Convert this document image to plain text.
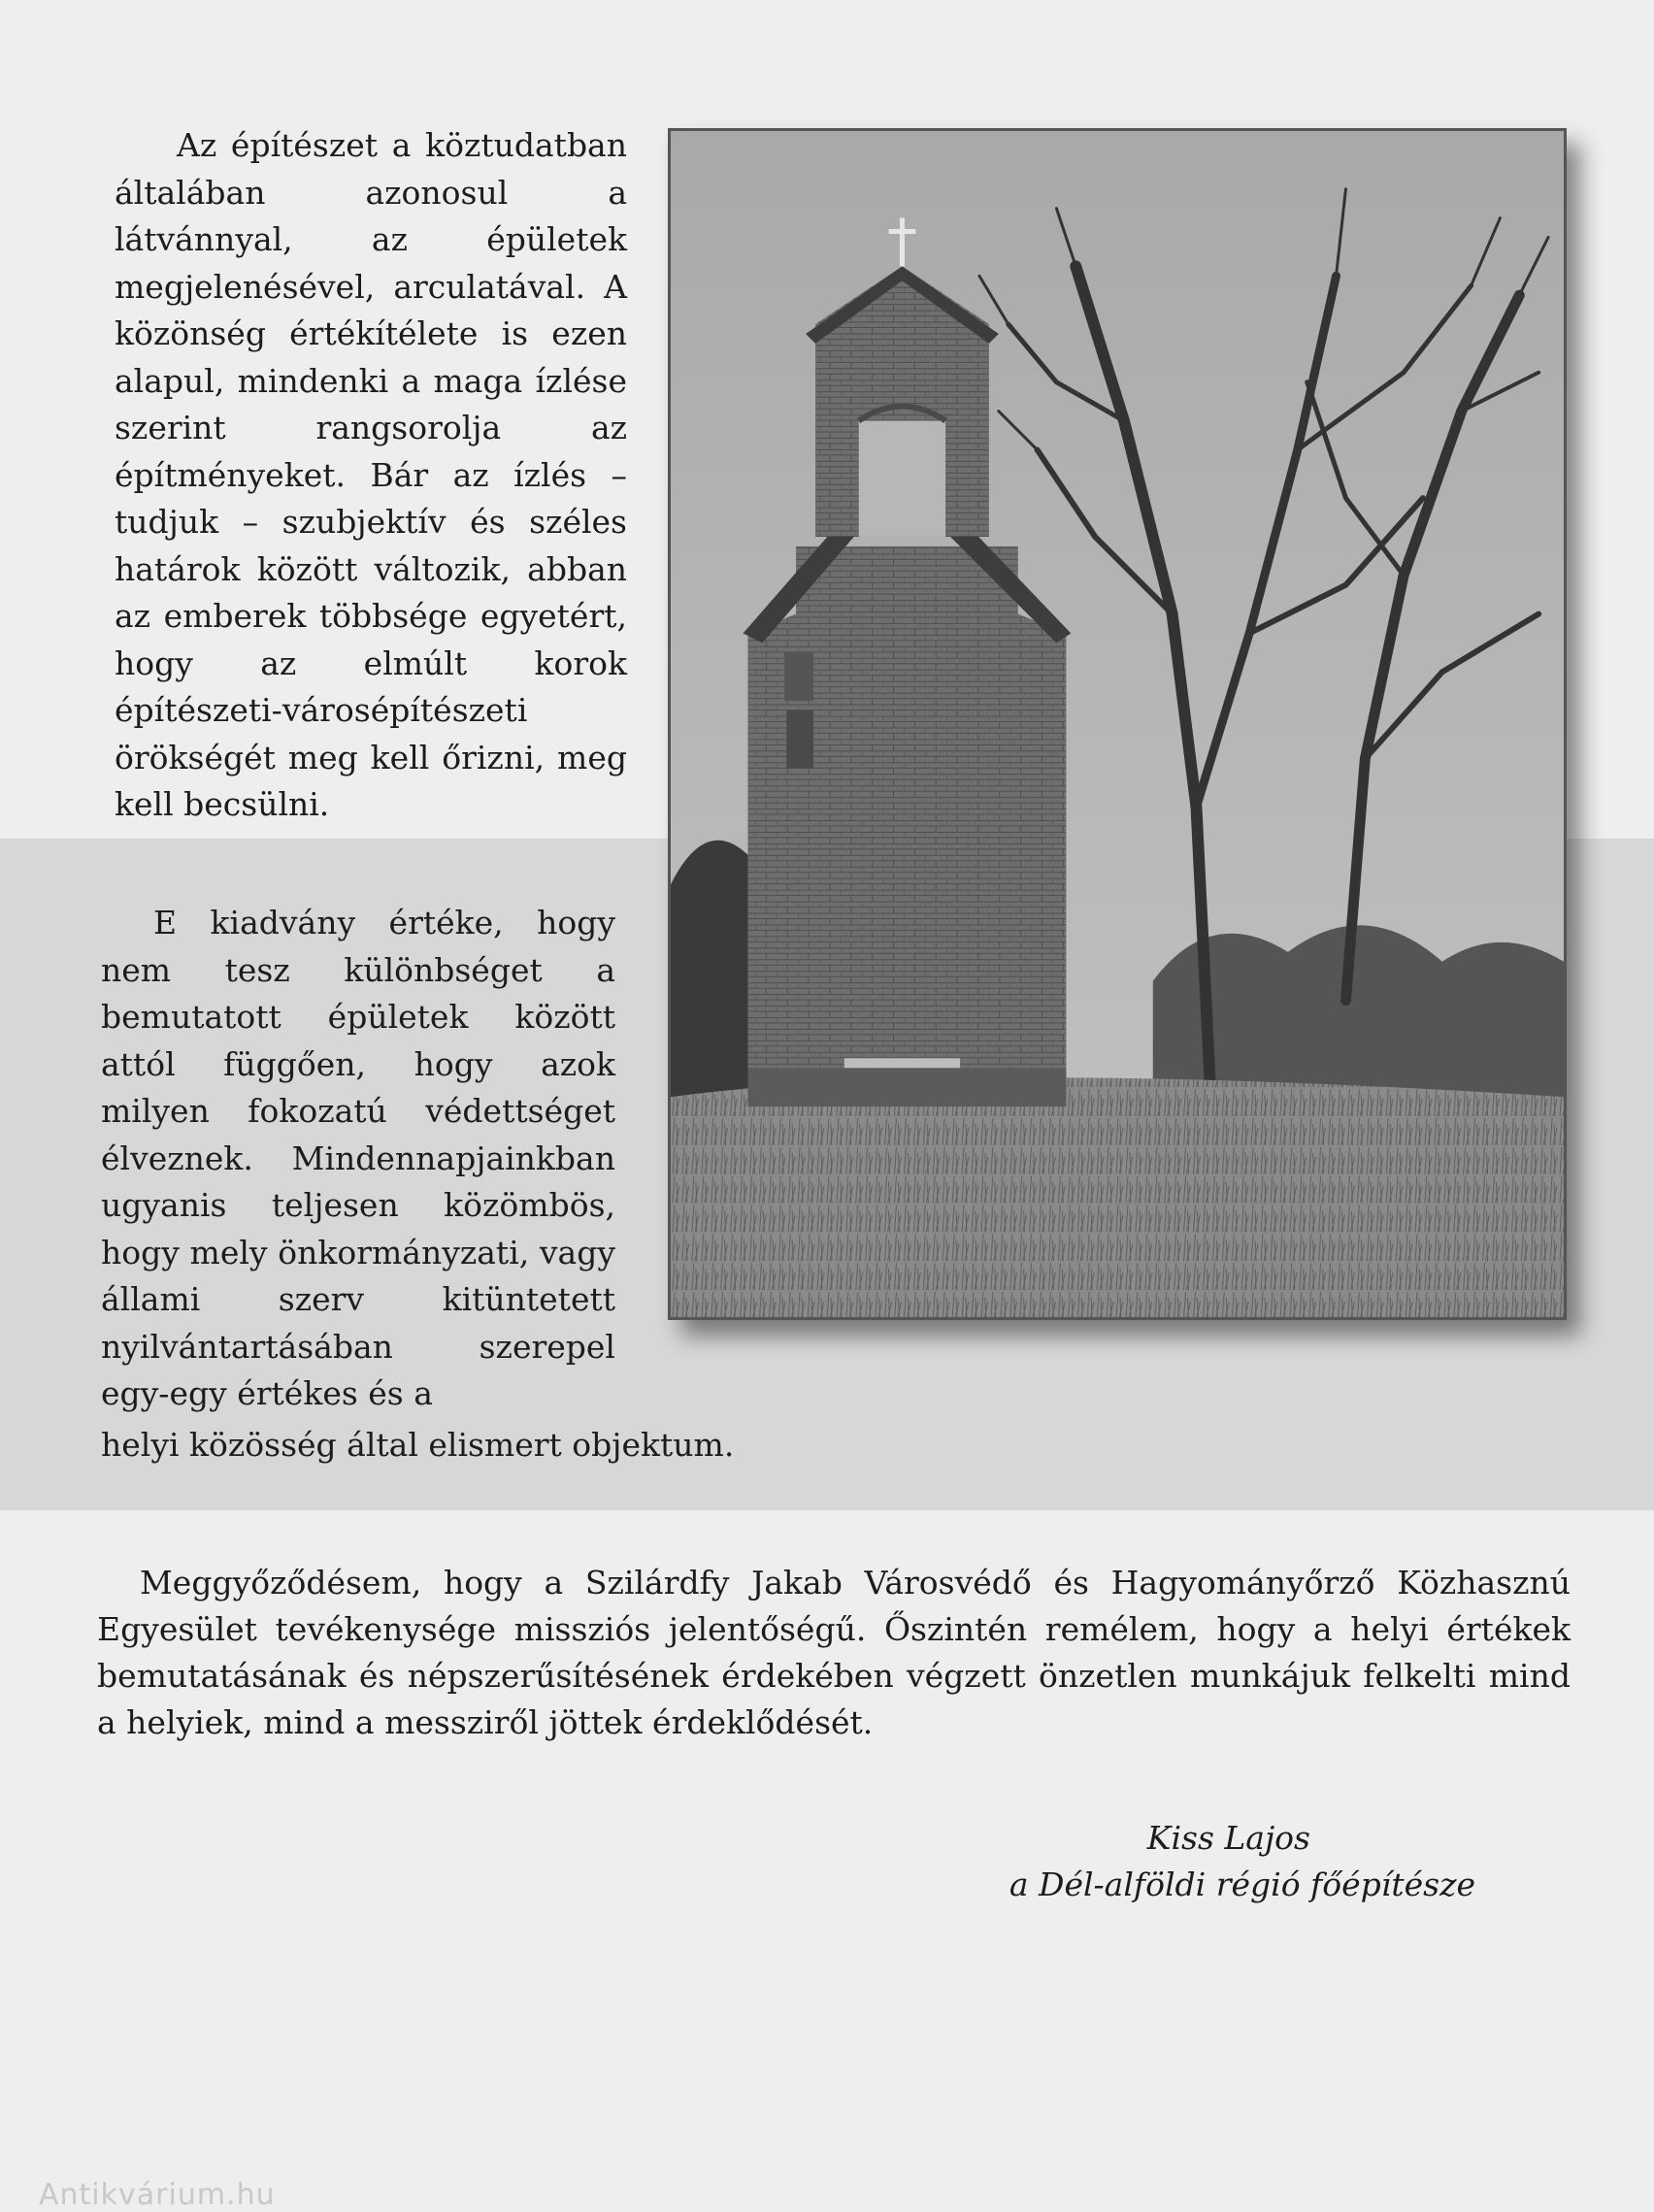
Az építészet a köztudatban általában azonosul a látvánnyal, az épületek megjelenésével, arculatával. A közönség értékítélete is ezen alapul, mindenki a maga ízlése szerint rangsorolja az építményeket. Bár az ízlés – tudjuk – szubjektív és széles határok között változik, abban az emberek többsége egyetért, hogy az elmúlt korok építészeti-városépítészeti örökségét meg kell őrizni, meg kell becsülni.

E kiadvány értéke, hogy nem tesz különbséget a bemutatott épületek között attól függően, hogy azok milyen fokozatú védettséget élveznek. Mindennapjainkban ugyanis teljesen közömbös, hogy mely önkormányzati, vagy állami szerv kitüntetett nyilvántartásában szerepel egy-egy értékes és a

helyi közösség által elismert objektum.

Meggyőződésem, hogy a Szilárdfy Jakab Városvédő és Hagyományőrző Közhasznú Egyesület tevékenysége missziós jelentőségű. Őszintén remélem, hogy a helyi értékek bemutatásának és népszerűsítésének érdekében végzett önzetlen munkájuk felkelti mind a helyiek, mind a messziről jöttek érdeklődését.

Kiss Lajos
a Dél-alföldi régió főépítésze
Antikvárium.hu
